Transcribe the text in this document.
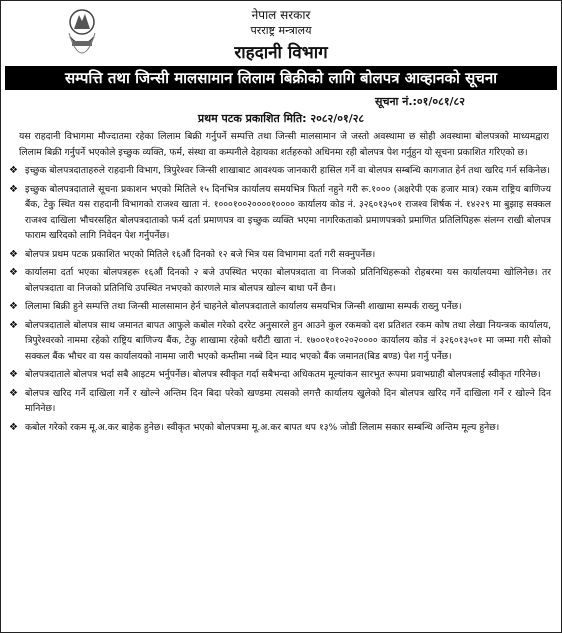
नेपाल सरकार
परराष्ट्र मन्त्रालय
राहदानी विभाग
सम्पत्ति तथा जिन्सी मालसामान लिलाम बिक्रीको लागि बोलपत्र आव्हानको सूचना
सूचना नं.:०१/०८१/८२
प्रथम पटक प्रकाशित मिति: २०८२/०१/२८
यस राहदानी विभागमा मौज्दातमा रहेका लिलाम बिक्री गर्नुपर्ने सम्पत्ति तथा जिन्सी मालसामान जे जस्तो अवस्थामा छ सोही अवस्थामा बोलपत्रको माध्यमद्वारा लिलाम बिक्री गर्नुपर्ने भएकोले इच्छुक व्यक्ति, फर्म, संस्था वा कम्पनीले देहायका शर्तहरुको अधिनमा रही बोलपत्र पेश गर्नुहुन यो सूचना प्रकाशित गरिएको छ।
❖ इच्छुक बोलपत्रदाताहरुले राहदानी विभाग, त्रिपुरेश्वर जिन्सी शाखाबाट आवश्यक जानकारी हासिल गर्ने वा बोलपत्र सम्बन्धि कागजात हेर्न तथा खरिद गर्न सकिनेछ।
❖ इच्छुक बोलपत्रदाताले सूचना प्रकाशन भएको मितिले १५ दिनभित्र कार्यालय समयभित्र फिर्ता नहुने गरी रू.१००० (अक्षरेपी एक हजार मात्र) रकम राष्ट्रिय बाणिज्य बैंक, टेकु स्थित यस राहदानी विभागको राजश्व खाता नं. १०००१००२००००१०००० कार्यालय कोड नं. ३२६०१३५०१ राजश्व शिर्षक नं. १४२२९ मा बुझाइ सक्कल राजश्व दाखिला भौचरसहित बोलपत्रदाताको फर्म दर्ता प्रमाणपत्र वा इच्छुक व्यक्ति भएमा नागरिकताको प्रमाणपत्रको प्रमाणित प्रतिलिपिहरू संलग्न राखी बोलपत्र फाराम खरिदको लागि निवेदन पेश गर्नुपर्नेछ।
❖ बोलपत्र प्रथम पटक प्रकाशित भएको मितिले १६औं दिनको १२ बजे भित्र यस विभागमा दर्ता गरी सक्नुपर्नेछ।
❖ कार्यालमा दर्ता भएका बोलपत्रहरू १६औं दिनको २ बजे उपस्थित भएका बोलपत्रदाता वा निजको प्रतिनिधिहरूको रोहबरमा यस कार्यालयमा खोलिनेछ। तर बोलपत्रदाता वा निजको प्रतिनिधि उपस्थित नभएको कारणले मात्र बोलपत्र खोल्न बाधा पर्ने छैन।
❖ लिलामा बिक्री हुने सम्पत्ति तथा जिन्सी मालसामान हेर्न चाहनेले बोलपत्रदाताले कार्यालय समयभित्र जिन्सी शाखामा सम्पर्क राख्नु पर्नेछ।
❖ बोलपत्रदाताले बोलपत्र साथ जमानत बापत आफुले कबोल गरेको दररेट अनुसारले हुन आउने कुल रकमको दश प्रतिशत रकम कोष तथा लेखा नियन्त्रक कार्यालय, त्रिपुरेश्वरको नाममा रहेको राष्ट्रिय बाणिज्य बैंक, टेकु शाखामा रहेको धरौटी खाता नं. १७००१०१०२०२०००० कार्यालय कोड नं ३२६०१३५०१ मा जम्मा गरी सोको सक्कल बैंक भौचर वा यस कार्यालयको नाममा जारी भएको कम्तीमा नब्बे दिन म्याद भएको बैंक जमानत(बिड बण्ड) पेश गर्नु पर्नेछ।
❖ बोलपत्रदाताले बोलपत्र भर्दा सबै आइटम भर्नुपर्नेछ। बोलपत्र स्वीकृत गर्दा सबैभन्दा अधिकतम मूल्यांकन सारभुत रूपमा प्रवाभग्राही बोलपत्रलाई स्वीकृत गरिनेछ।
❖ बोलपत्र खरिद गर्ने दाखिला गर्ने र खोल्ने अन्तिम दिन बिदा परेको खण्डमा त्यसको लगत्तै कार्यालय खुलेको दिन बोलपत्र खरिद गर्ने दाखिला गर्ने र खोल्ने दिन मानिनेछ।
❖ कबोल गरेको रकम मू.अ.कर बाहेक हुनेछ। स्वीकृत भएको बोलपत्रमा मू.अ.कर बापत थप १३% जोडी लिलाम सकार सम्बन्धि अन्तिम मूल्य हुनेछ।
